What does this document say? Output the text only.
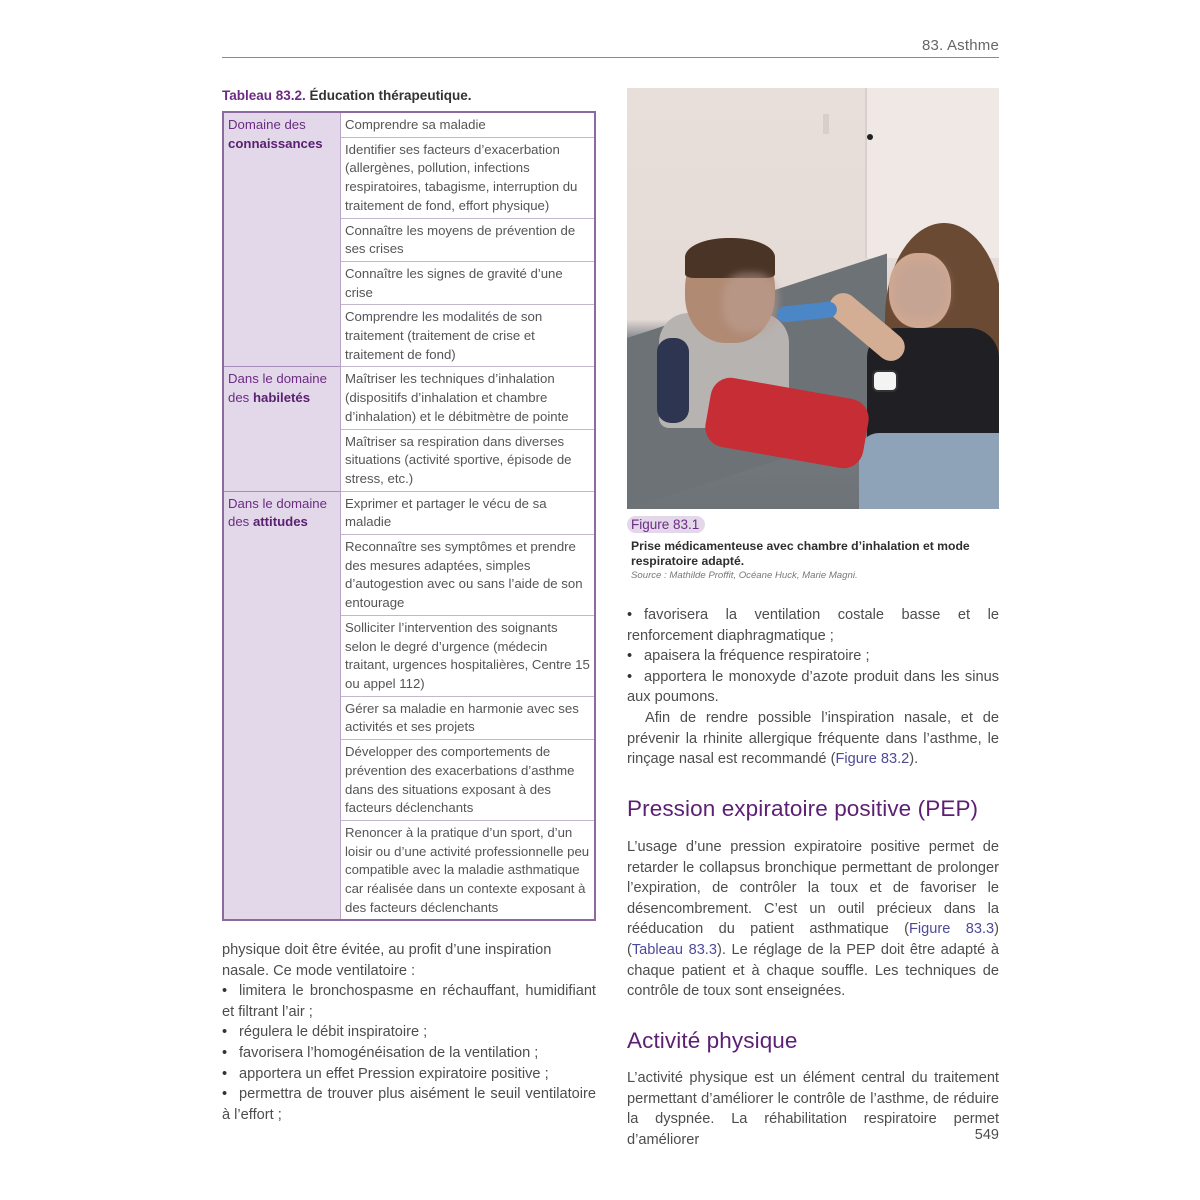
83. Asthme
Tableau 83.2. Éducation thérapeutique.
Domaine des
connaissances	Comprendre sa maladie
	Identifier ses facteurs d’exacerbation (allergènes, pollution, infections respiratoires, tabagisme, interruption du traitement de fond, effort physique)
	Connaître les moyens de prévention de ses crises
	Connaître les signes de gravité d’une crise
	Comprendre les modalités de son traitement (traitement de crise et traitement de fond)
Dans le domaine des habiletés	Maîtriser les techniques d’inhalation (dispositifs d’inhalation et chambre d’inhalation) et le débitmètre de pointe
	Maîtriser sa respiration dans diverses situations (activité sportive, épisode de stress, etc.)
Dans le domaine des attitudes	Exprimer et partager le vécu de sa maladie
	Reconnaître ses symptômes et prendre des mesures adaptées, simples d’autogestion avec ou sans l’aide de son entourage
	Solliciter l’intervention des soignants selon le degré d’urgence (médecin traitant, urgences hospitalières, Centre 15 ou appel 112)
	Gérer sa maladie en harmonie avec ses activités et ses projets
	Développer des comportements de prévention des exacerbations d’asthme dans des situations exposant à des facteurs déclenchants
	Renoncer à la pratique d’un sport, d’un loisir ou d’une activité professionnelle peu compatible avec la maladie asthmatique car réalisée dans un contexte exposant à des facteurs déclenchants

physique doit être évitée, au profit d’une inspiration nasale. Ce mode ventilatoire :

• limitera le bronchospasme en réchauffant, humidifiant et filtrant l’air ;

• régulera le débit inspiratoire ;

• favorisera l’homogénéisation de la ventilation ;

• apportera un effet Pression expiratoire positive ;

• permettra de trouver plus aisément le seuil ventilatoire à l’effort ;

Figure 83.1
Prise médicamenteuse avec chambre d’inhalation et mode respiratoire adapté.
Source : Mathilde Proffit, Océane Huck, Marie Magni.

• favorisera la ventilation costale basse et le renforcement diaphragmatique ;

• apaisera la fréquence respiratoire ;

• apportera le monoxyde d’azote produit dans les sinus aux poumons.

Afin de rendre possible l’inspiration nasale, et de prévenir la rhinite allergique fréquente dans l’asthme, le rinçage nasal est recommandé (Figure 83.2).

Pression expiratoire positive (PEP)

L’usage d’une pression expiratoire positive permet de retarder le collapsus bronchique permettant de prolonger l’expiration, de contrôler la toux et de favoriser le désencombrement. C’est un outil précieux dans la rééducation du patient asthmatique (Figure 83.3) (Tableau 83.3). Le réglage de la PEP doit être adapté à chaque patient et à chaque souffle. Les techniques de contrôle de toux sont enseignées.

Activité physique

L’activité physique est un élément central du traitement permettant d’améliorer le contrôle de l’asthme, de réduire la dyspnée. La réhabilitation respiratoire permet d’améliorer	549
